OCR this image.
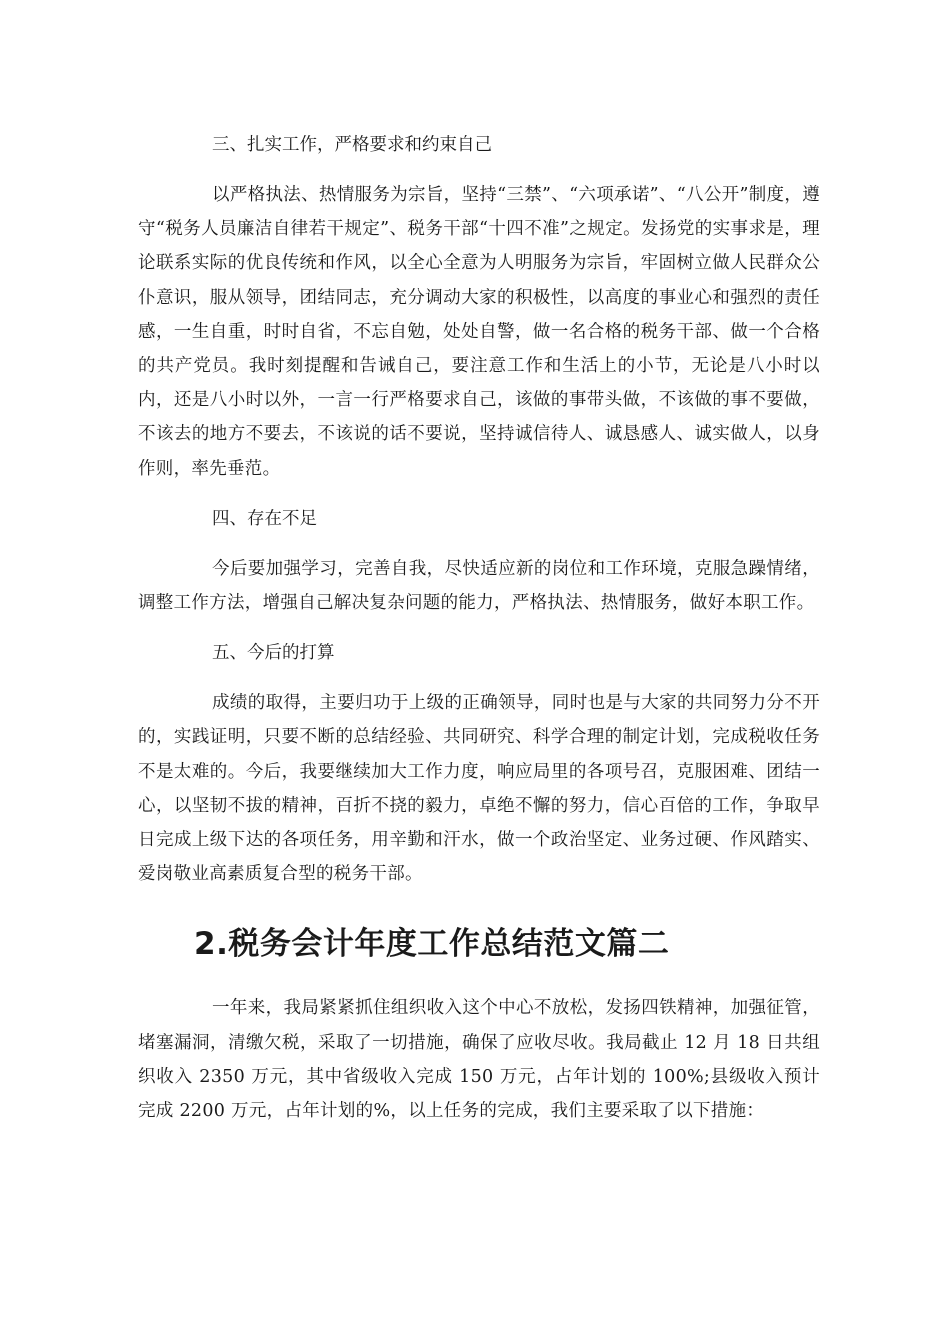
三、扎实工作，严格要求和约束自己

以严格执法、热情服务为宗旨，坚持“三禁”、“六项承诺”、“八公开”制度，遵守“税务人员廉洁自律若干规定”、税务干部“十四不准”之规定。发扬党的实事求是，理论联系实际的优良传统和作风，以全心全意为人明服务为宗旨，牢固树立做人民群众公仆意识，服从领导，团结同志，充分调动大家的积极性，以高度的事业心和强烈的责任感，一生自重，时时自省，不忘自勉，处处自警，做一名合格的税务干部、做一个合格的共产党员。我时刻提醒和告诫自己，要注意工作和生活上的小节，无论是八小时以内，还是八小时以外，一言一行严格要求自己，该做的事带头做，不该做的事不要做，不该去的地方不要去，不该说的话不要说，坚持诚信待人、诚恳感人、诚实做人，以身作则，率先垂范。

四、存在不足

今后要加强学习，完善自我，尽快适应新的岗位和工作环境，克服急躁情绪，调整工作方法，增强自己解决复杂问题的能力，严格执法、热情服务，做好本职工作。

五、今后的打算

成绩的取得，主要归功于上级的正确领导，同时也是与大家的共同努力分不开的，实践证明，只要不断的总结经验、共同研究、科学合理的制定计划，完成税收任务不是太难的。今后，我要继续加大工作力度，响应局里的各项号召，克服困难、团结一心，以坚韧不拔的精神，百折不挠的毅力，卓绝不懈的努力，信心百倍的工作，争取早日完成上级下达的各项任务，用辛勤和汗水，做一个政治坚定、业务过硬、作风踏实、爱岗敬业高素质复合型的税务干部。

2.税务会计年度工作总结范文篇二

一年来，我局紧紧抓住组织收入这个中心不放松，发扬四铁精神，加强征管，堵塞漏洞，清缴欠税，采取了一切措施，确保了应收尽收。我局截止 12 月 18 日共组织收入 2350 万元，其中省级收入完成 150 万元，占年计划的 100%;县级收入预计完成 2200 万元，占年计划的%，以上任务的完成，我们主要采取了以下措施：
